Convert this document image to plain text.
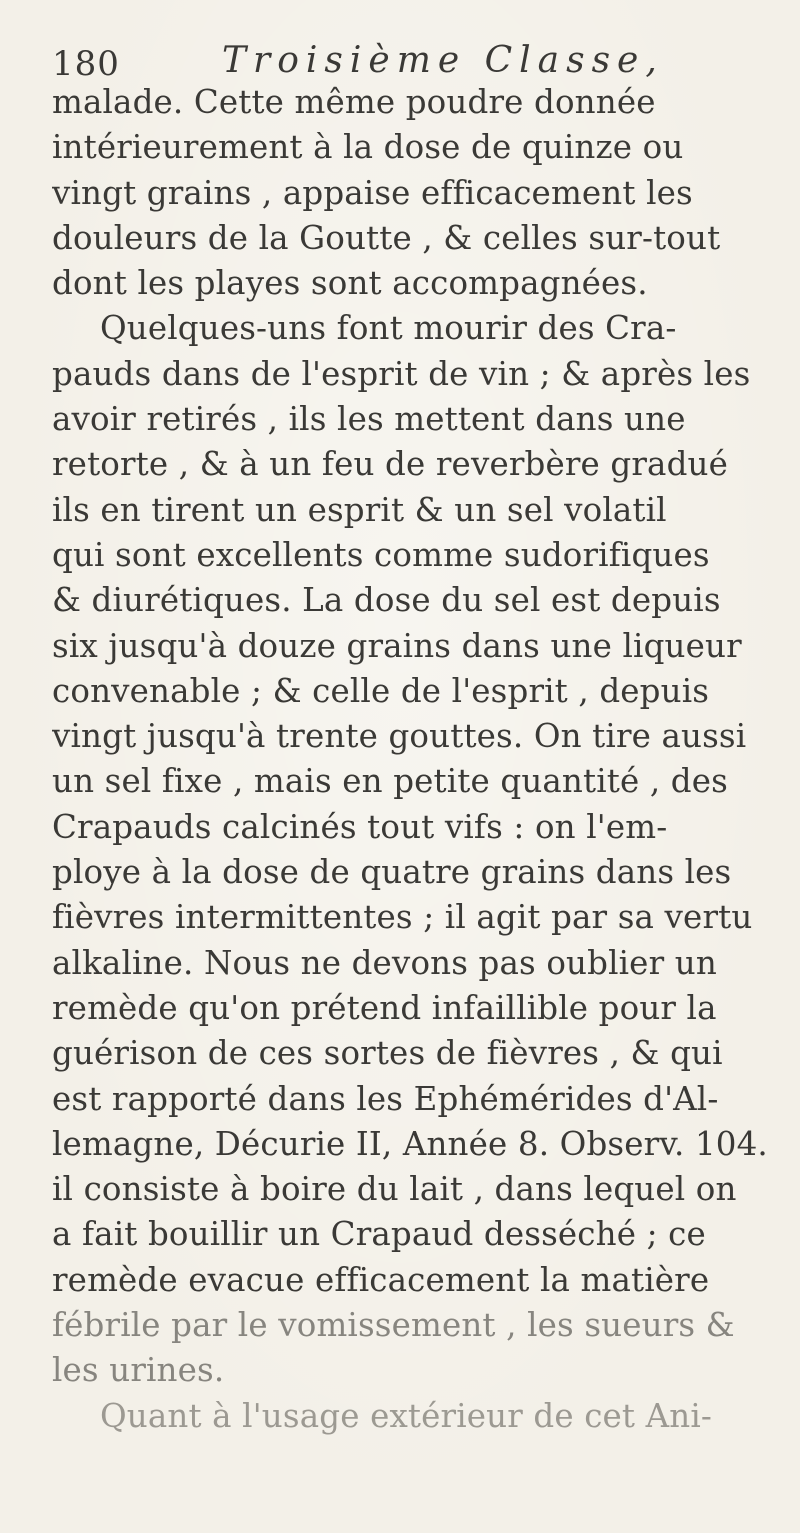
180	Troisième Classe,
malade. Cette même poudre donnée
intérieurement à la dose de quinze ou
vingt grains , appaise efficacement les
douleurs de la Goutte , & celles sur-tout
dont les playes sont accompagnées.
Quelques-uns font mourir des Cra-
pauds dans de l'esprit de vin ; & après les
avoir retirés , ils les mettent dans une
retorte , & à un feu de reverbère gradué
ils en tirent un esprit & un sel volatil
qui sont excellents comme sudorifiques
& diurétiques. La dose du sel est depuis
six jusqu'à douze grains dans une liqueur
convenable ; & celle de l'esprit , depuis
vingt jusqu'à trente gouttes. On tire aussi
un sel fixe , mais en petite quantité , des
Crapauds calcinés tout vifs : on l'em-
ploye à la dose de quatre grains dans les
fièvres intermittentes ; il agit par sa vertu
alkaline. Nous ne devons pas oublier un
remède qu'on prétend infaillible pour la
guérison de ces sortes de fièvres , & qui
est rapporté dans les Ephémérides d'Al-
lemagne, Décurie II, Année 8. Observ. 104.
il consiste à boire du lait , dans lequel on
a fait bouillir un Crapaud desséché ; ce
remède evacue efficacement la matière
fébrile par le vomissement , les sueurs &
les urines.
Quant à l'usage extérieur de cet Ani-
